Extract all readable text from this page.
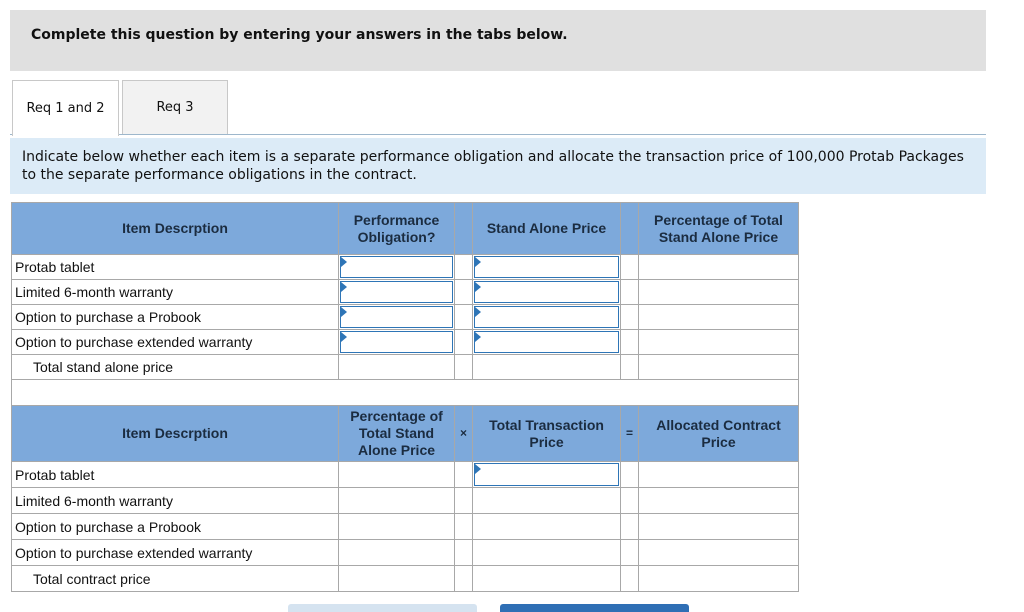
Complete this question by entering your answers in the tabs below.
Req 1 and 2	Req 3
Indicate below whether each item is a separate performance obligation and allocate the transaction price of 100,000 Protab Packages to the separate performance obligations in the contract.
Item Descrption	Performance Obligation?		Stand Alone Price		Percentage of Total Stand Alone Price
Protab tablet	

Limited 6-month warranty	

Option to purchase a Probook	

Option to purchase extended warranty	

Total stand alone price					

Item Descrption	Percentage of Total Stand Alone Price	×	Total Transaction Price	=	Allocated Contract Price
Protab tablet			

Limited 6-month warranty					
Option to purchase a Probook					
Option to purchase extended warranty					
Total contract price					
